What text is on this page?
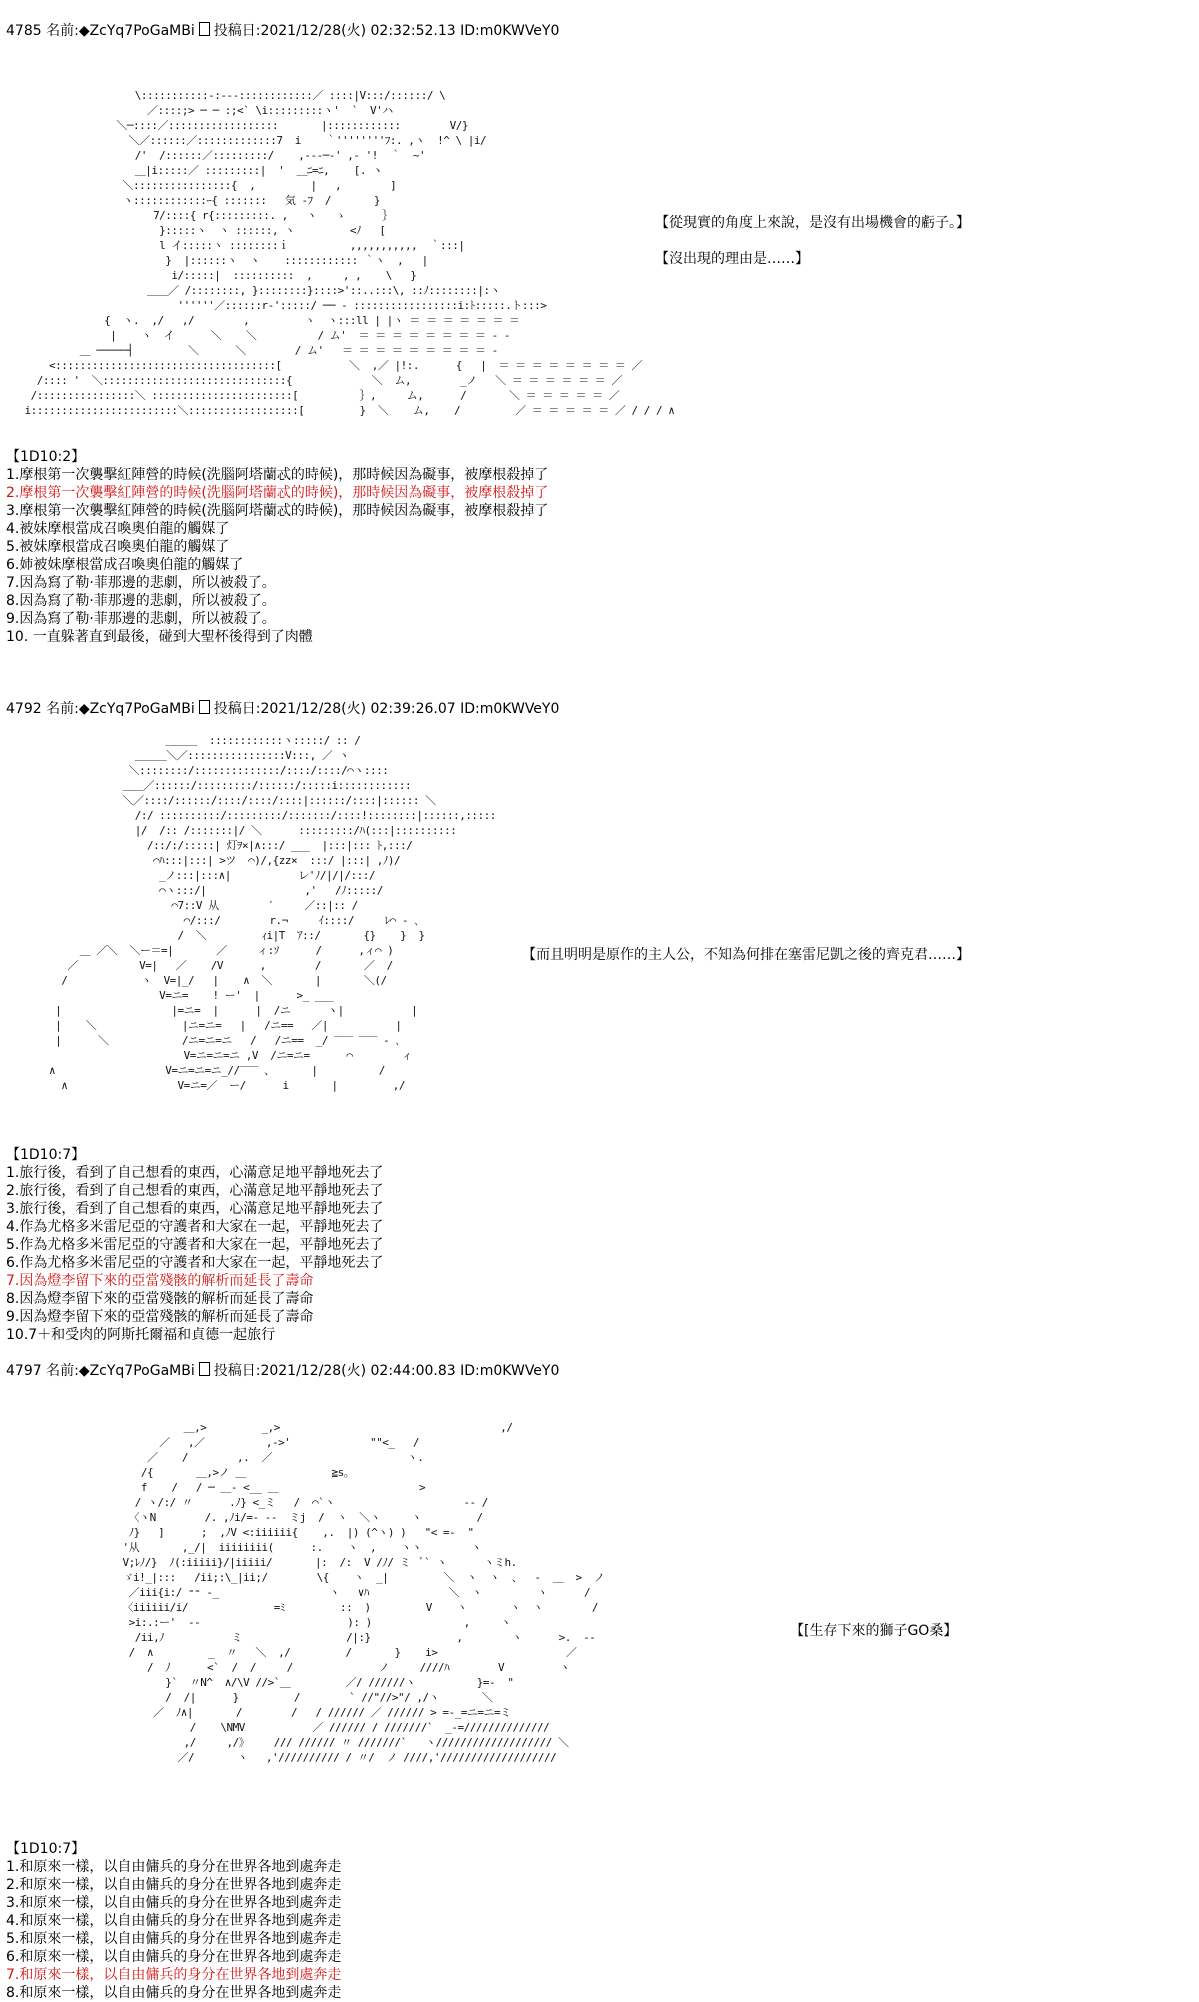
4785 名前:◆ZcYq7PoGaMBi 投稿日:2021/12/28(火) 02:32:52.13 ID:m0KWVeY0
\:::::::::::-:---::::::::::::／ ::::|V:::/::::::/ \
／::::;> ─ ─ :;<` \i:::::::::ヽ'  `  V'ハ
＼─::::／::::::::::::::::::       |::::::::::::        V/}
＼／::::::／:::::::::::::7  i    ｀''''''''ﾌ:. ,ヽ  !^ \ |i/
/'  /::::::／:::::::::/    ,--‐─‐' ,- '!  ｀  ~'
＿|i:::::／ :::::::::|  '  ＿ﾆ=ﾆ,    [. ヽ
＼::::::::::::::::{  ,         |   ,        ]
ヽ::::::::::::ｰ{ :::::::   気 ‐ﾌ  /       }
7/::::{ r{:::::::::. ,   ヽ   ゝ      ｝
}:::::ヽ  ヽ ::::::, ヽ         <ﾉ   [
l イ:::::ヽ ::::::::ｉ          ,,,,,,,,,,,  ｀:::|
}  |::::::ヽ  ヽ    :::::::::::: ｀ヽ  ,   |
i/:::::|  ::::::::::  ,     , ,    \   }
＿＿／ /::::::::, }::::::::}::::>'::..:::\, ::ﾉ::::::::|:ヽ
''''''／::::::r‐':::::/ ── - :::::::::::::::::i:ﾄ:::::.ト:::>
{  ヽ.  ,/   ,/        ,         ヽ  ヽ:::ll | |ヽ ＝ ＝ ＝ ＝ ＝ ＝ ＝
|    ヽ  イ      ＼    ＼          / ム'  ＝ ＝ ＝ ＝ ＝ ＝ ＝ ＝ - -
＿ ─────┤         ＼      ＼        / ム'   ＝ ＝ ＝ ＝ ＝ ＝ ＝ ＝ ＝ -
<::::::::::::::::::::::::::::::::::::[           ＼  ,／ |!:.      {   |  ＝ ＝ ＝ ＝ ＝ ＝ ＝ ＝ ／
/:::: '  ＼::::::::::::::::::::::::::::::{             ＼  ム,        _ノ   ＼ ＝ ＝ ＝ ＝ ＝ ＝ ／
/::::::::::::::::＼ :::::::::::::::::::::::[          ｝,     ム,      /       ＼ ＝ ＝ ＝ ＝ ＝ ／
i::::::::::::::::::::::::＼::::::::::::::::::[         }  ＼    ム,    /         ／ ＝ ＝ ＝ ＝ ＝ ／ / / / ∧
【從現實的角度上來說，是沒有出場機會的虧子。】
【沒出現的理由是……】
【1D10:2】
1.摩根第一次襲擊紅陣營的時候(洗腦阿塔蘭忒的時候)，那時候因為礙事，被摩根殺掉了
2.摩根第一次襲擊紅陣營的時候(洗腦阿塔蘭忒的時候)，那時候因為礙事，被摩根殺掉了
3.摩根第一次襲擊紅陣營的時候(洗腦阿塔蘭忒的時候)，那時候因為礙事，被摩根殺掉了
4.被妹摩根當成召喚奧伯龍的觸媒了
5.被妹摩根當成召喚奧伯龍的觸媒了
6.姉被妹摩根當成召喚奧伯龍的觸媒了
7.因為寫了勒·菲那邊的悲劇，所以被殺了。
8.因為寫了勒·菲那邊的悲劇，所以被殺了。
9.因為寫了勒·菲那邊的悲劇，所以被殺了。
10. 一直躲著直到最後，碰到大聖杯後得到了肉體
4792 名前:◆ZcYq7PoGaMBi 投稿日:2021/12/28(火) 02:39:26.07 ID:m0KWVeY0
＿＿＿  ::::::::::::ヽ:::::/ :: /
＿＿＿＼／::::::::::::::::V:::, ／ ヽ
＼::::::::/::::::::::::::/::::/::::/⌒ヽ::::
＿＿／::::::/:::::::::/::::::/:::::i::::::::::::
＼／::::/::::::/::::/::::/::::|::::::/::::|:::::: ＼
/:/ ::::::::::/:::::::::/:::::::/::::!::::::::|::::::,:::::
|/  /:: /:::::::|/ ＼      :::::::::/ﾊ(:::|::::::::::
/::/:/:::::| 灯ｦ×|∧:::/ ___  |:::|::: ﾄ,:::/
⌒ﾊ:::|:::| >ツ  ⌒)/,{zz×  :::/ |:::| ,ﾉ)/
_ノ:::|:::∧|           レ'ﾉ/|/|/:::/
⌒ヽ:::/|                ,'   /ﾉ:::::/
⌒7::V 从        ′     ／::|:: /
⌒/:::/        r.¬     ｲ::::/     ﾚ⌒ - ､
/  ＼         ｨi|T  ｱ::/       {}    }  }
＿ ／＼  ＼ー＝=|       ／     ィ:ｿ      /      ,ィ⌒ )
／          V=|   ／    /V      ,        /       ／  /
/            ヽ  V=|_/   |    ∧  ＼       |       ＼(/
V=ニ=    ! ー'  |      >_ ___
|                  |=ニ=  |      |  /ニ      ヽ|           |
|    ＼              |ニ=ニ=   |   /ニ==   ／|           |
|      ＼            /ニ=ニ=ニ   /   /ニ==  _/ ‾‾‾ ‾‾‾ - ､
V=ニ=ニ=ニ ,V  /ニ=ニ=      ⌒        ィ
∧                  V=ニ=ニ=ニ_//‾‾‾ 、      |          /
∧                  V=ニ=／  ー/      i       |         ,/
【而且明明是原作的主人公，不知為何排在塞雷尼凱之後的齊克君……】
【1D10:7】
1.旅行後，看到了自己想看的東西，心滿意足地平靜地死去了
2.旅行後，看到了自己想看的東西，心滿意足地平靜地死去了
3.旅行後，看到了自己想看的東西，心滿意足地平靜地死去了
4.作為尤格多米雷尼亞的守護者和大家在一起，平靜地死去了
5.作為尤格多米雷尼亞的守護者和大家在一起，平靜地死去了
6.作為尤格多米雷尼亞的守護者和大家在一起，平靜地死去了
7.因為燈李留下來的亞當殘骸的解析而延長了壽命
8.因為燈李留下來的亞當殘骸的解析而延長了壽命
9.因為燈李留下來的亞當殘骸的解析而延長了壽命
10.7＋和受肉的阿斯托爾福和貞德一起旅行
4797 名前:◆ZcYq7PoGaMBi 投稿日:2021/12/28(火) 02:44:00.83 ID:m0KWVeY0
＿,>         _,>                                    ,/
／   ,／          ,->'             ""<_   /
／    /        ,.  ／                      ヽ.
/{       ＿,>ノ ＿              ≧s｡
f    /   / ─ ＿‐ <__ ＿                       >
/ ヽ/:/ 〃      .ﾉ} <_ミ   /  ⌒`ヽ                     -- /
〈ヽN        /. ,ﾉi/=- --  ミj  /  ヽ  ＼ヽ     ヽ         /
ﾉ}   ]      ;  ,ﾉV <:iiiiii{    ,.  |) (^ヽ) )   "< =-  "
'从       ,_/|  iiiiiiii(      :.    ヽ  ,    ヽヽ        ヽ
V;ﾚﾉ/}  ﾉ(:iiiii}/|iiiii/       |:  /:  V /ﾉ/ ミ  ﾞ` ヽ      ヽミh.
ゞi!_|:::   /ii;:\_|ii;/        \{    ヽ  _|         ＼  ヽ  ヽ  、  ‐  ＿  >  ノ
／iii{i:/ ⁼⁼ ‐_                  ヽ   ∨ﾊ             ＼  ヽ         ヽ      /
〈iiiiii/i/              =ﾐ         ::  )         V    ヽ       ヽ  ヽ        /
>i:.:ー'  ‐-                        ): )               ,     ヽ
/ii,ﾉ           ミ                 /|:}              ,        ヽ      >.  --
/  ∧         _  〃   ＼  ,/         /       }    i>                     ／
/  ﾉ      <`  /  /     /              ノ     ////ﾊ        V         ヽ
}`  〃N^  ∧/\V //>`＿         ／/ //////ヽ          }=-  "
/  /|      }         /        ` //"//>"/ ,/ヽ       ＼
／  ﾉ∧|       /        /   / ////// ／ ////// > =-_=ニ=ニ=ミ
/    \NMV           ／ ////// / ///////`  _-=//////////////
,/     ,/》    /// ////// 〃 ///////`   ヽ/////////////////// ＼
／/       ヽ   ,'////////// / 〃/  ノ ////,'///////////////////
【[生存下來的獅子GO桑】
【1D10:7】
1.和原來一樣，以自由傭兵的身分在世界各地到處奔走
2.和原來一樣，以自由傭兵的身分在世界各地到處奔走
3.和原來一樣，以自由傭兵的身分在世界各地到處奔走
4.和原來一樣，以自由傭兵的身分在世界各地到處奔走
5.和原來一樣，以自由傭兵的身分在世界各地到處奔走
6.和原來一樣，以自由傭兵的身分在世界各地到處奔走
7.和原來一樣，以自由傭兵的身分在世界各地到處奔走
8.和原來一樣，以自由傭兵的身分在世界各地到處奔走
